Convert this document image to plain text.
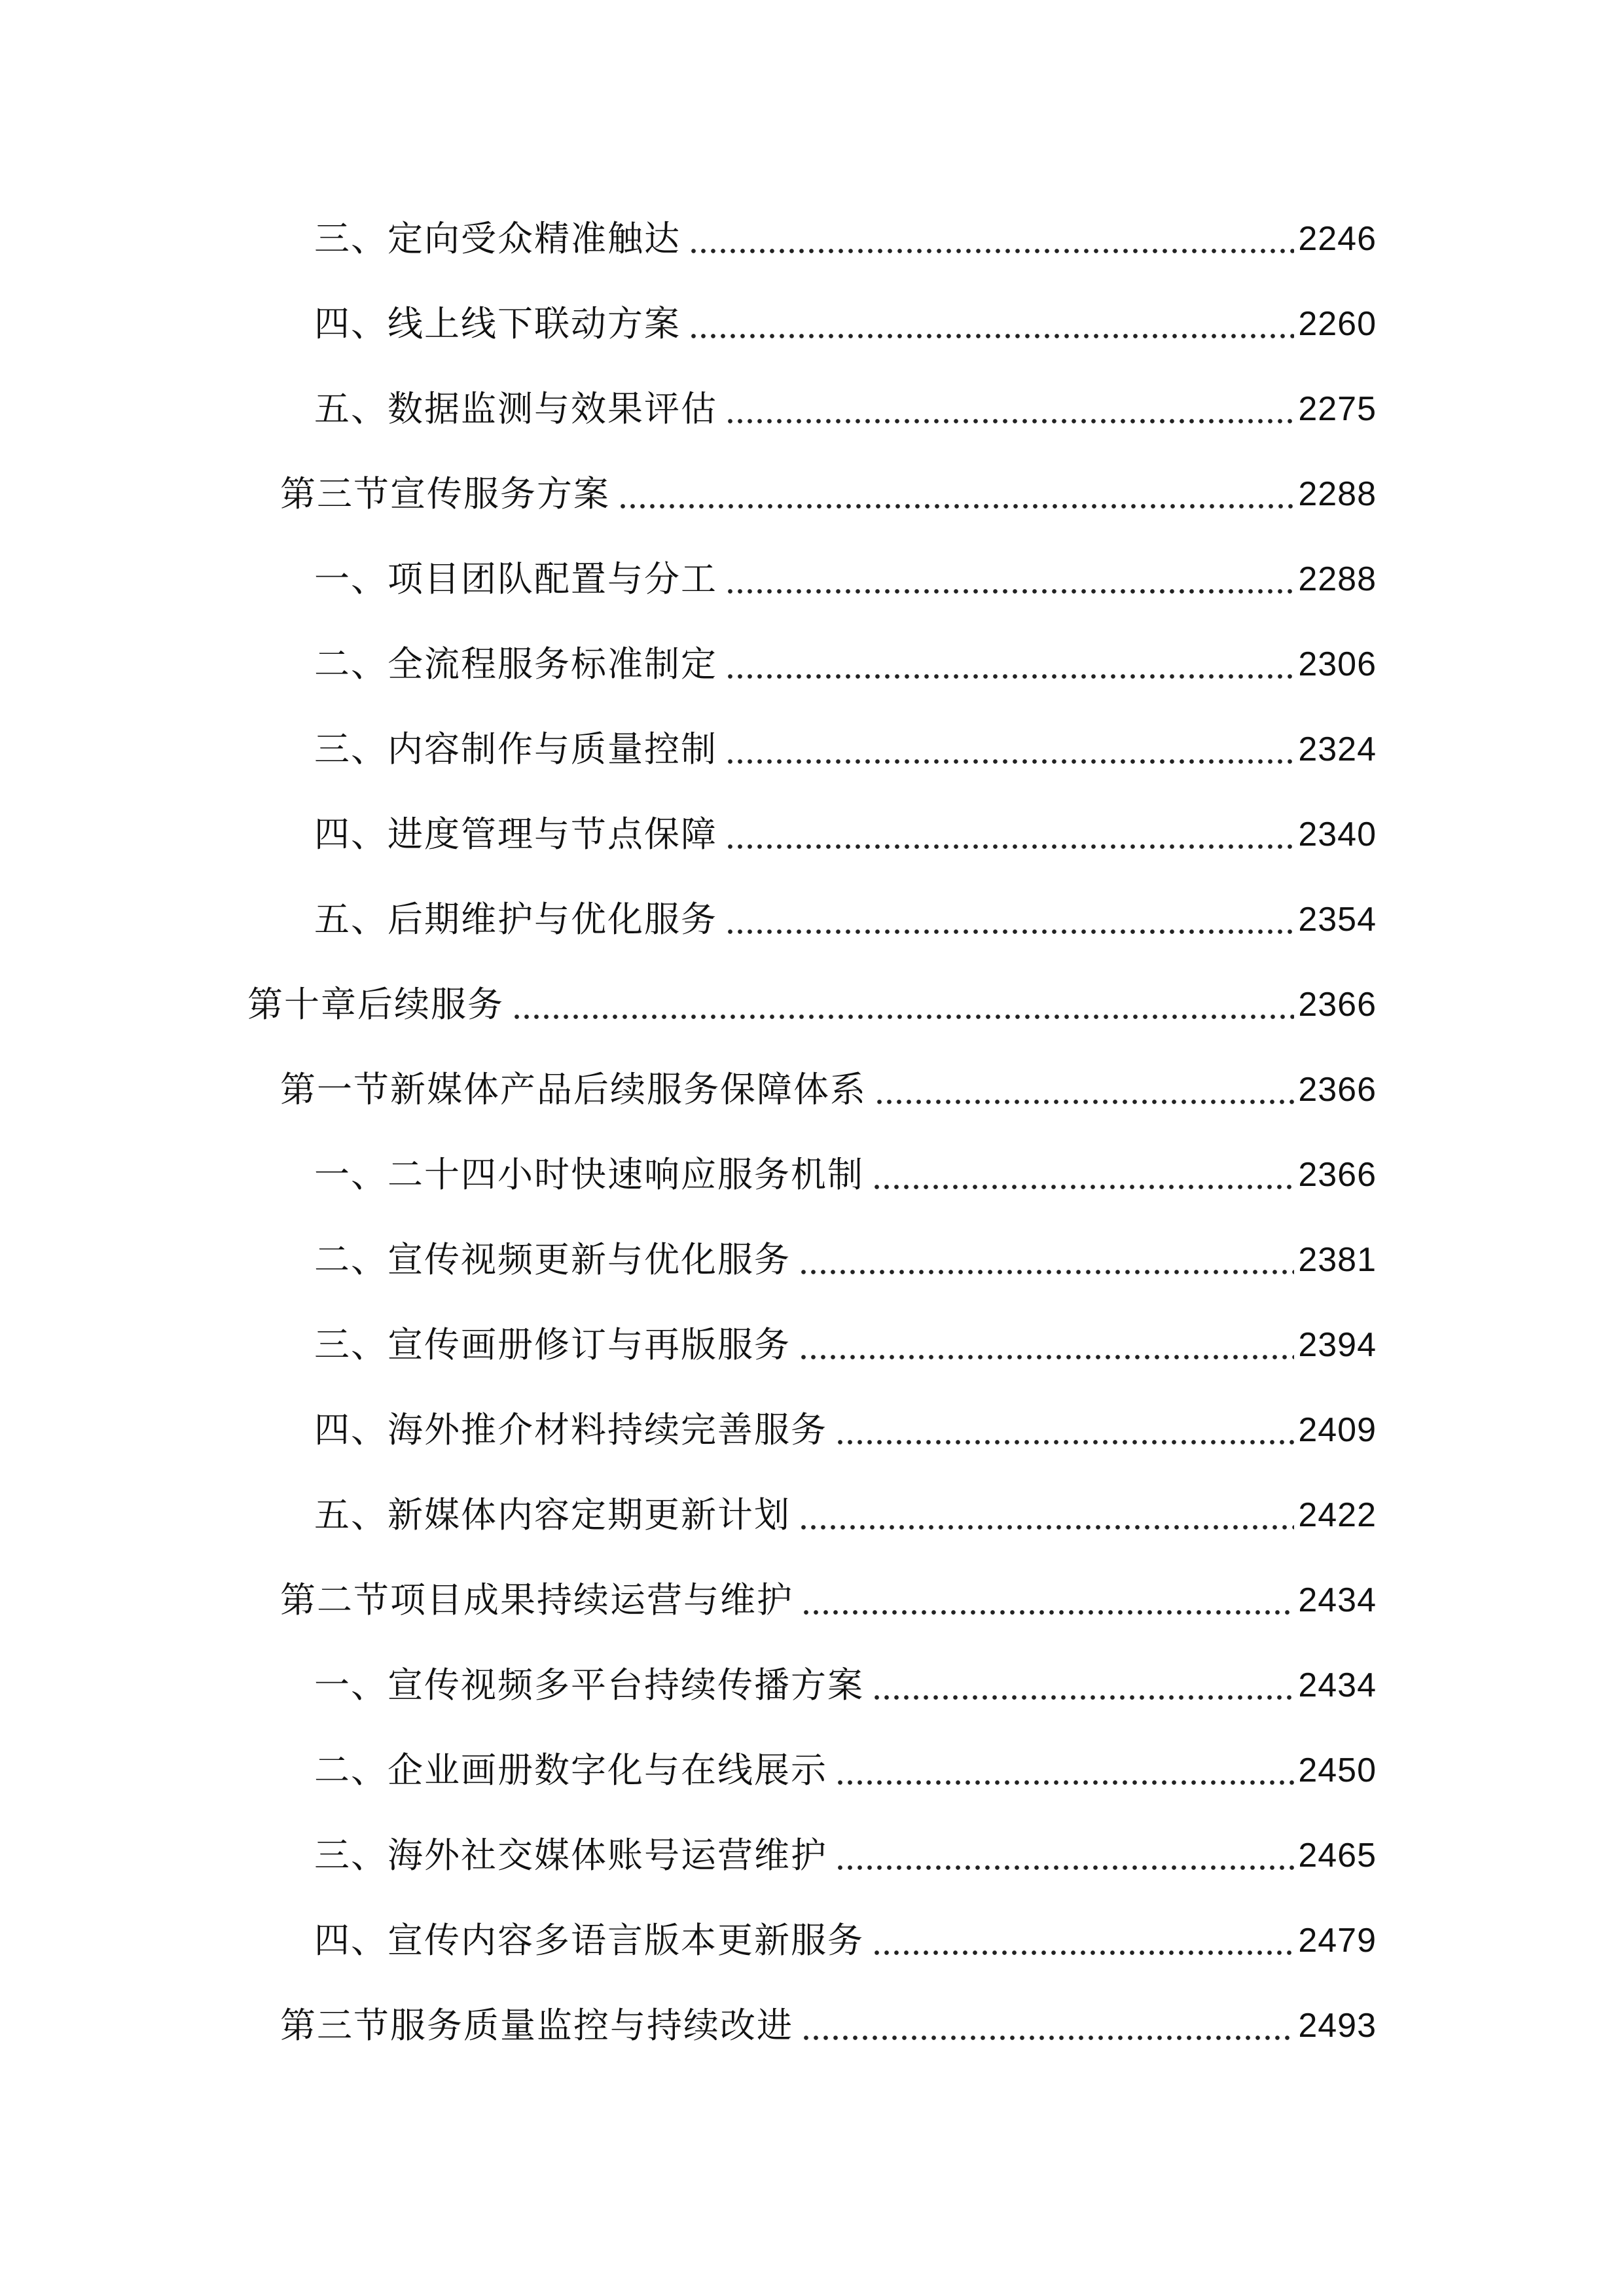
三、定向受众精准触达	2246
四、线上线下联动方案	2260
五、数据监测与效果评估	2275
第三节宣传服务方案	2288
一、项目团队配置与分工	2288
二、全流程服务标准制定	2306
三、内容制作与质量控制	2324
四、进度管理与节点保障	2340
五、后期维护与优化服务	2354
第十章后续服务	2366
第一节新媒体产品后续服务保障体系	2366
一、二十四小时快速响应服务机制	2366
二、宣传视频更新与优化服务	2381
三、宣传画册修订与再版服务	2394
四、海外推介材料持续完善服务	2409
五、新媒体内容定期更新计划	2422
第二节项目成果持续运营与维护	2434
一、宣传视频多平台持续传播方案	2434
二、企业画册数字化与在线展示	2450
三、海外社交媒体账号运营维护	2465
四、宣传内容多语言版本更新服务	2479
第三节服务质量监控与持续改进	2493
